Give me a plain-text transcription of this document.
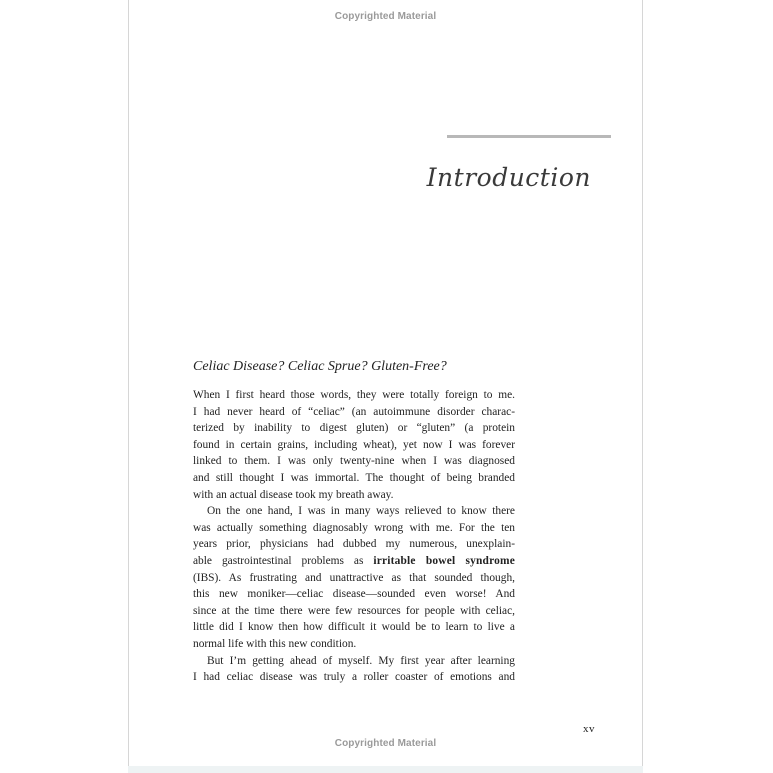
Copyrighted Material
Introduction
Celiac Disease? Celiac Sprue? Gluten-Free?
When I first heard those words, they were totally foreign to me.
I had never heard of “celiac” (an autoimmune disorder charac-
terized by inability to digest gluten) or “gluten” (a protein
found in certain grains, including wheat), yet now I was forever
linked to them. I was only twenty-nine when I was diagnosed
and still thought I was immortal. The thought of being branded
with an actual disease took my breath away.
On the one hand, I was in many ways relieved to know there
was actually something diagnosably wrong with me. For the ten
years prior, physicians had dubbed my numerous, unexplain-
able gastrointestinal problems as irritable bowel syndrome
(IBS). As frustrating and unattractive as that sounded though,
this new moniker—celiac disease—sounded even worse! And
since at the time there were few resources for people with celiac,
little did I know then how difficult it would be to learn to live a
normal life with this new condition.
But I’m getting ahead of myself. My first year after learning
I had celiac disease was truly a roller coaster of emotions and
xv
Copyrighted Material
